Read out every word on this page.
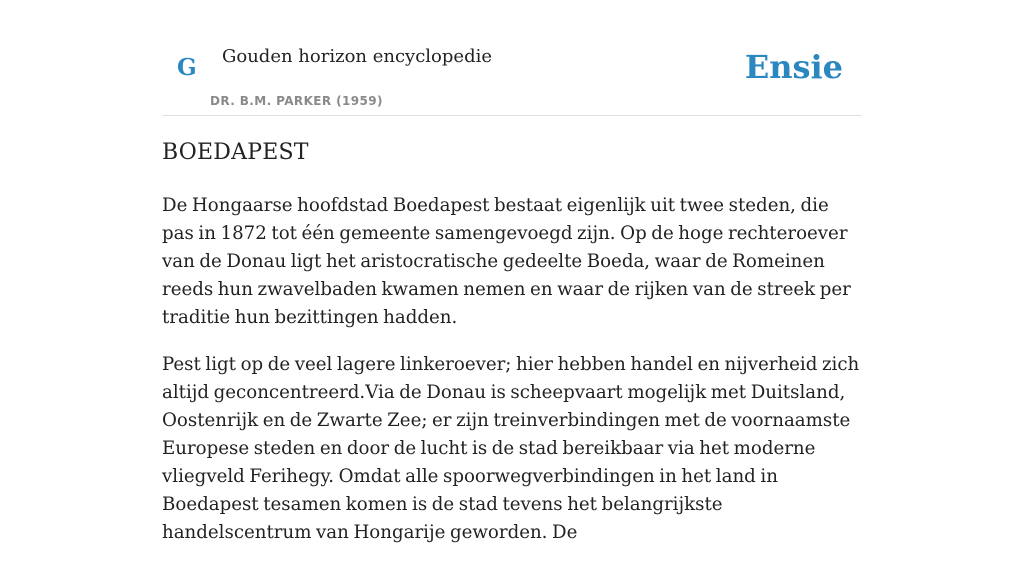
G Gouden horizon encyclopedie
DR. B.M. PARKER (1959)
Ensie
BOEDAPEST

De Hongaarse hoofdstad Boedapest bestaat eigenlijk uit twee steden, die pas in 1872 tot één gemeente samengevoegd zijn. Op de hoge rechteroever van de Donau ligt het aristocratische gedeelte Boeda, waar de Romeinen reeds hun zwavelbaden kwamen nemen en waar de rijken van de streek per traditie hun bezittingen hadden.

Pest ligt op de veel lagere linkeroever; hier hebben handel en nijverheid zich altijd geconcentreerd.Via de Donau is scheepvaart mogelijk met Duitsland, Oostenrijk en de Zwarte Zee; er zijn treinverbindingen met de voornaamste Europese steden en door de lucht is de stad bereikbaar via het moderne vliegveld Ferihegy. Omdat alle spoorwegverbindingen in het land in Boedapest tesamen komen is de stad tevens het belangrijkste handelscentrum van Hongarije geworden. De
